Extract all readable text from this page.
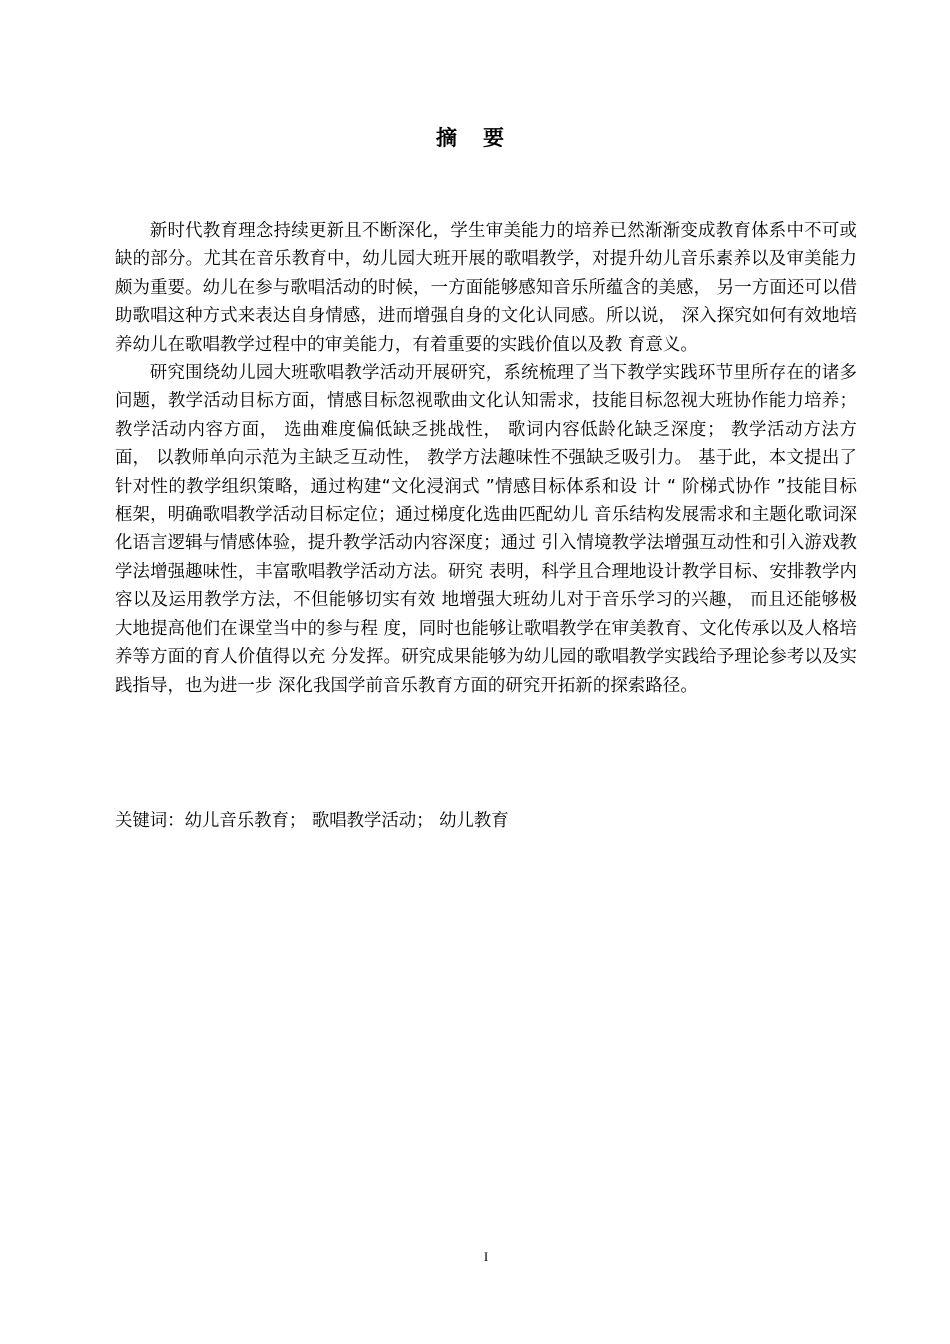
摘要

新时代教育理念持续更新且不断深化，学生审美能力的培养已然渐渐变成教育体系中不可或缺的部分。尤其在音乐教育中，幼儿园大班开展的歌唱教学，对提升幼儿音乐素养以及审美能力颇为重要。幼儿在参与歌唱活动的时候，一方面能够感知音乐所蕴含的美感， 另一方面还可以借助歌唱这种方式来表达自身情感，进而增强自身的文化认同感。所以说， 深入探究如何有效地培养幼儿在歌唱教学过程中的审美能力，有着重要的实践价值以及教 育意义。

研究围绕幼儿园大班歌唱教学活动开展研究，系统梳理了当下教学实践环节里所存在的诸多问题，教学活动目标方面，情感目标忽视歌曲文化认知需求，技能目标忽视大班协作能力培养； 教学活动内容方面， 选曲难度偏低缺乏挑战性， 歌词内容低龄化缺乏深度； 教学活动方法方面， 以教师单向示范为主缺乏互动性， 教学方法趣味性不强缺乏吸引力。 基于此，本文提出了针对性的教学组织策略，通过构建“文化浸润式 ”情感目标体系和设 计 “ 阶梯式协作 ”技能目标框架，明确歌唱教学活动目标定位；通过梯度化选曲匹配幼儿 音乐结构发展需求和主题化歌词深化语言逻辑与情感体验，提升教学活动内容深度；通过 引入情境教学法增强互动性和引入游戏教学法增强趣味性，丰富歌唱教学活动方法。研究 表明，科学且合理地设计教学目标、安排教学内容以及运用教学方法，不但能够切实有效 地增强大班幼儿对于音乐学习的兴趣， 而且还能够极大地提高他们在课堂当中的参与程 度，同时也能够让歌唱教学在审美教育、文化传承以及人格培养等方面的育人价值得以充 分发挥。研究成果能够为幼儿园的歌唱教学实践给予理论参考以及实践指导，也为进一步 深化我国学前音乐教育方面的研究开拓新的探索路径。

关键词：幼儿音乐教育； 歌唱教学活动； 幼儿教育
I
